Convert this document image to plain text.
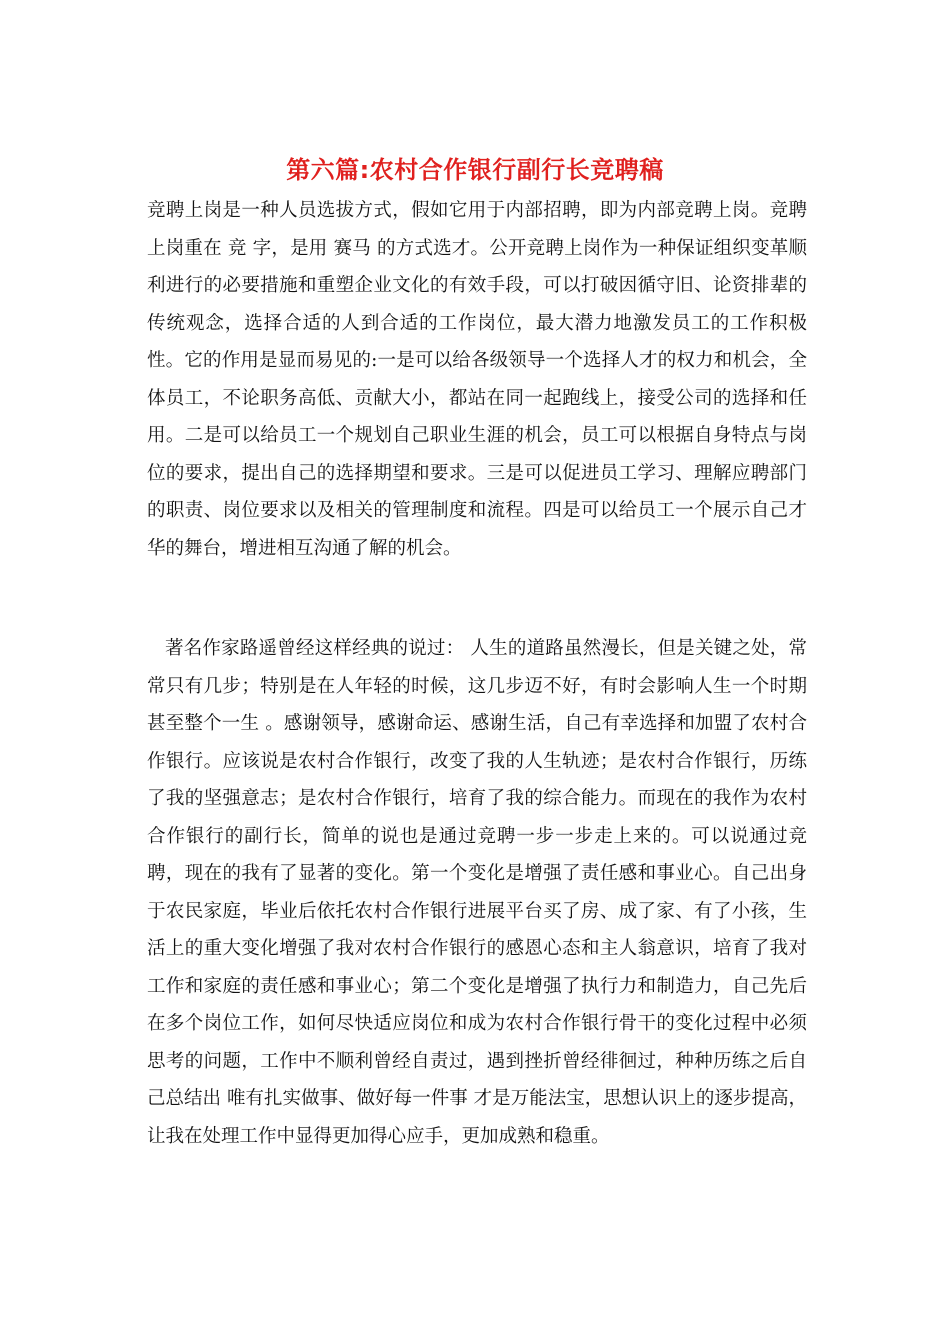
第六篇:农村合作银行副行长竞聘稿

竞聘上岗是一种人员选拔方式，假如它用于内部招聘，即为内部竞聘上岗。竞聘上岗重在 竞 字，是用 赛马 的方式选才。公开竞聘上岗作为一种保证组织变革顺利进行的必要措施和重塑企业文化的有效手段，可以打破因循守旧、论资排辈的传统观念，选择合适的人到合适的工作岗位，最大潜力地激发员工的工作积极性。它的作用是显而易见的:一是可以给各级领导一个选择人才的权力和机会，全体员工，不论职务高低、贡献大小，都站在同一起跑线上，接受公司的选择和任用。二是可以给员工一个规划自己职业生涯的机会，员工可以根据自身特点与岗位的要求，提出自己的选择期望和要求。三是可以促进员工学习、理解应聘部门的职责、岗位要求以及相关的管理制度和流程。四是可以给员工一个展示自己才华的舞台，增进相互沟通了解的机会。

著名作家路遥曾经这样经典的说过： 人生的道路虽然漫长，但是关键之处，常常只有几步；特别是在人年轻的时候，这几步迈不好，有时会影响人生一个时期甚至整个一生 。感谢领导，感谢命运、感谢生活，自己有幸选择和加盟了农村合作银行。应该说是农村合作银行，改变了我的人生轨迹；是农村合作银行，历练了我的坚强意志；是农村合作银行，培育了我的综合能力。而现在的我作为农村合作银行的副行长，简单的说也是通过竞聘一步一步走上来的。可以说通过竞聘，现在的我有了显著的变化。第一个变化是增强了责任感和事业心。自己出身于农民家庭，毕业后依托农村合作银行进展平台买了房、成了家、有了小孩，生活上的重大变化增强了我对农村合作银行的感恩心态和主人翁意识，培育了我对工作和家庭的责任感和事业心；第二个变化是增强了执行力和制造力，自己先后在多个岗位工作，如何尽快适应岗位和成为农村合作银行骨干的变化过程中必须思考的问题，工作中不顺利曾经自责过，遇到挫折曾经徘徊过，种种历练之后自己总结出 唯有扎实做事、做好每一件事 才是万能法宝，思想认识上的逐步提高，让我在处理工作中显得更加得心应手，更加成熟和稳重。
